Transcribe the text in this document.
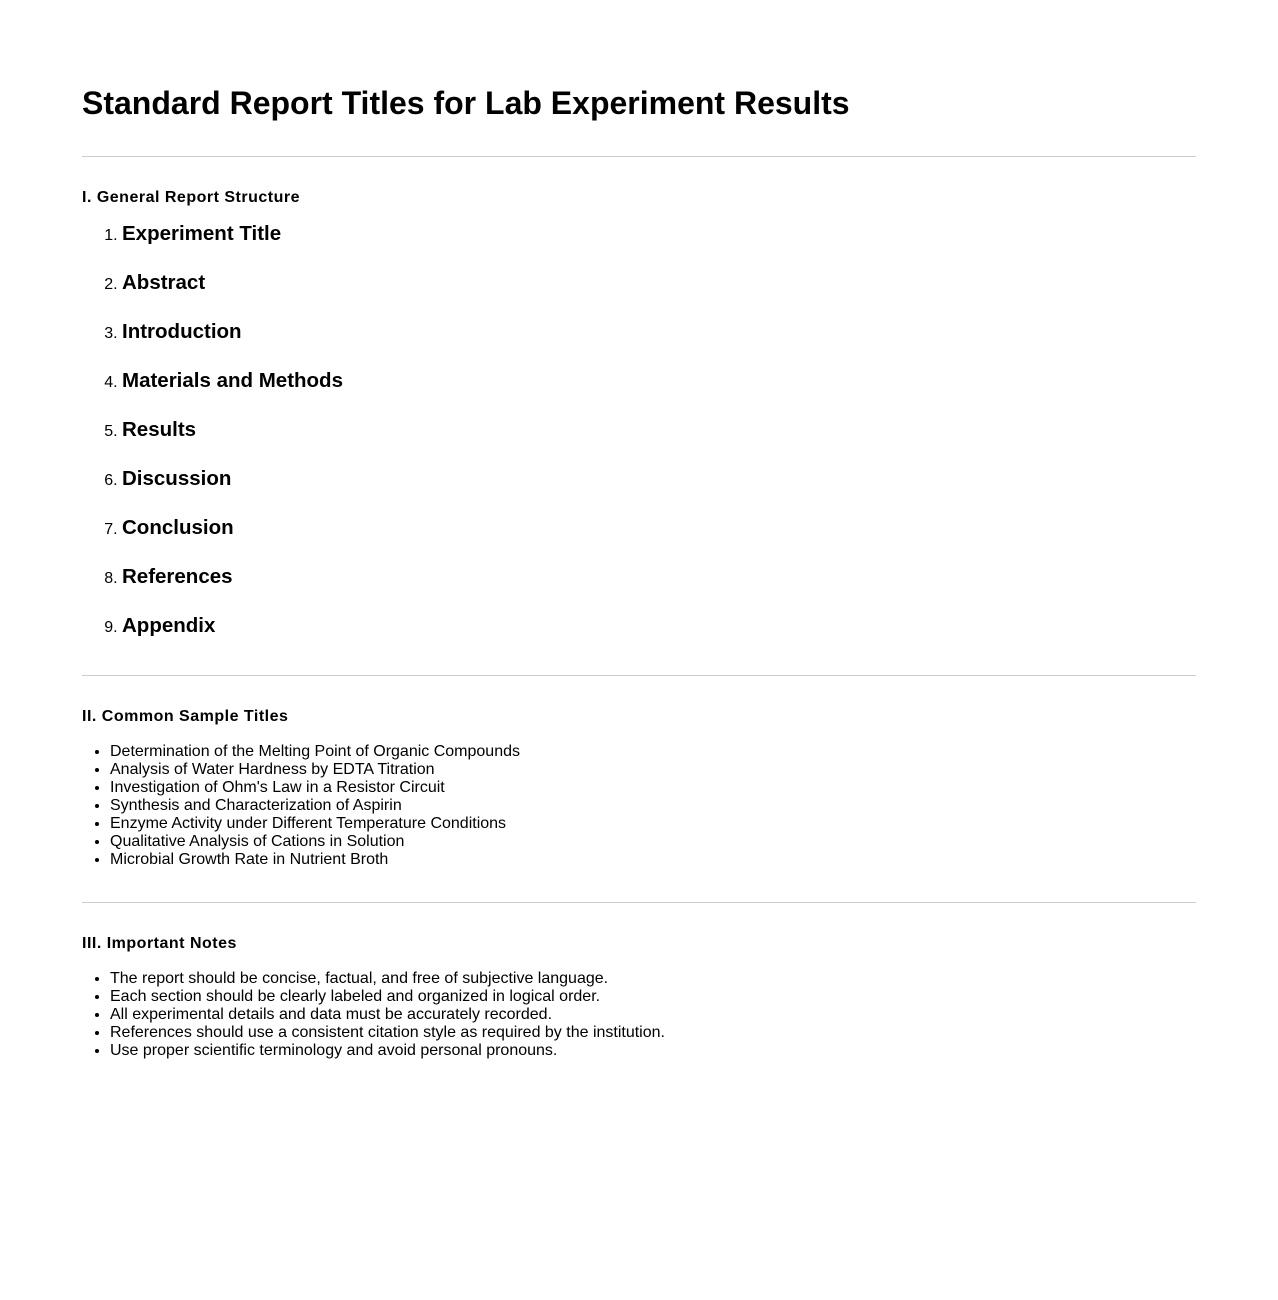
Standard Report Titles for Lab Experiment Results
I. General Report Structure
1. Experiment Title
2. Abstract
3. Introduction
4. Materials and Methods
5. Results
6. Discussion
7. Conclusion
8. References
9. Appendix
II. Common Sample Titles
• Determination of the Melting Point of Organic Compounds
• Analysis of Water Hardness by EDTA Titration
• Investigation of Ohm's Law in a Resistor Circuit
• Synthesis and Characterization of Aspirin
• Enzyme Activity under Different Temperature Conditions
• Qualitative Analysis of Cations in Solution
• Microbial Growth Rate in Nutrient Broth
III. Important Notes
• The report should be concise, factual, and free of subjective language.
• Each section should be clearly labeled and organized in logical order.
• All experimental details and data must be accurately recorded.
• References should use a consistent citation style as required by the institution.
• Use proper scientific terminology and avoid personal pronouns.
